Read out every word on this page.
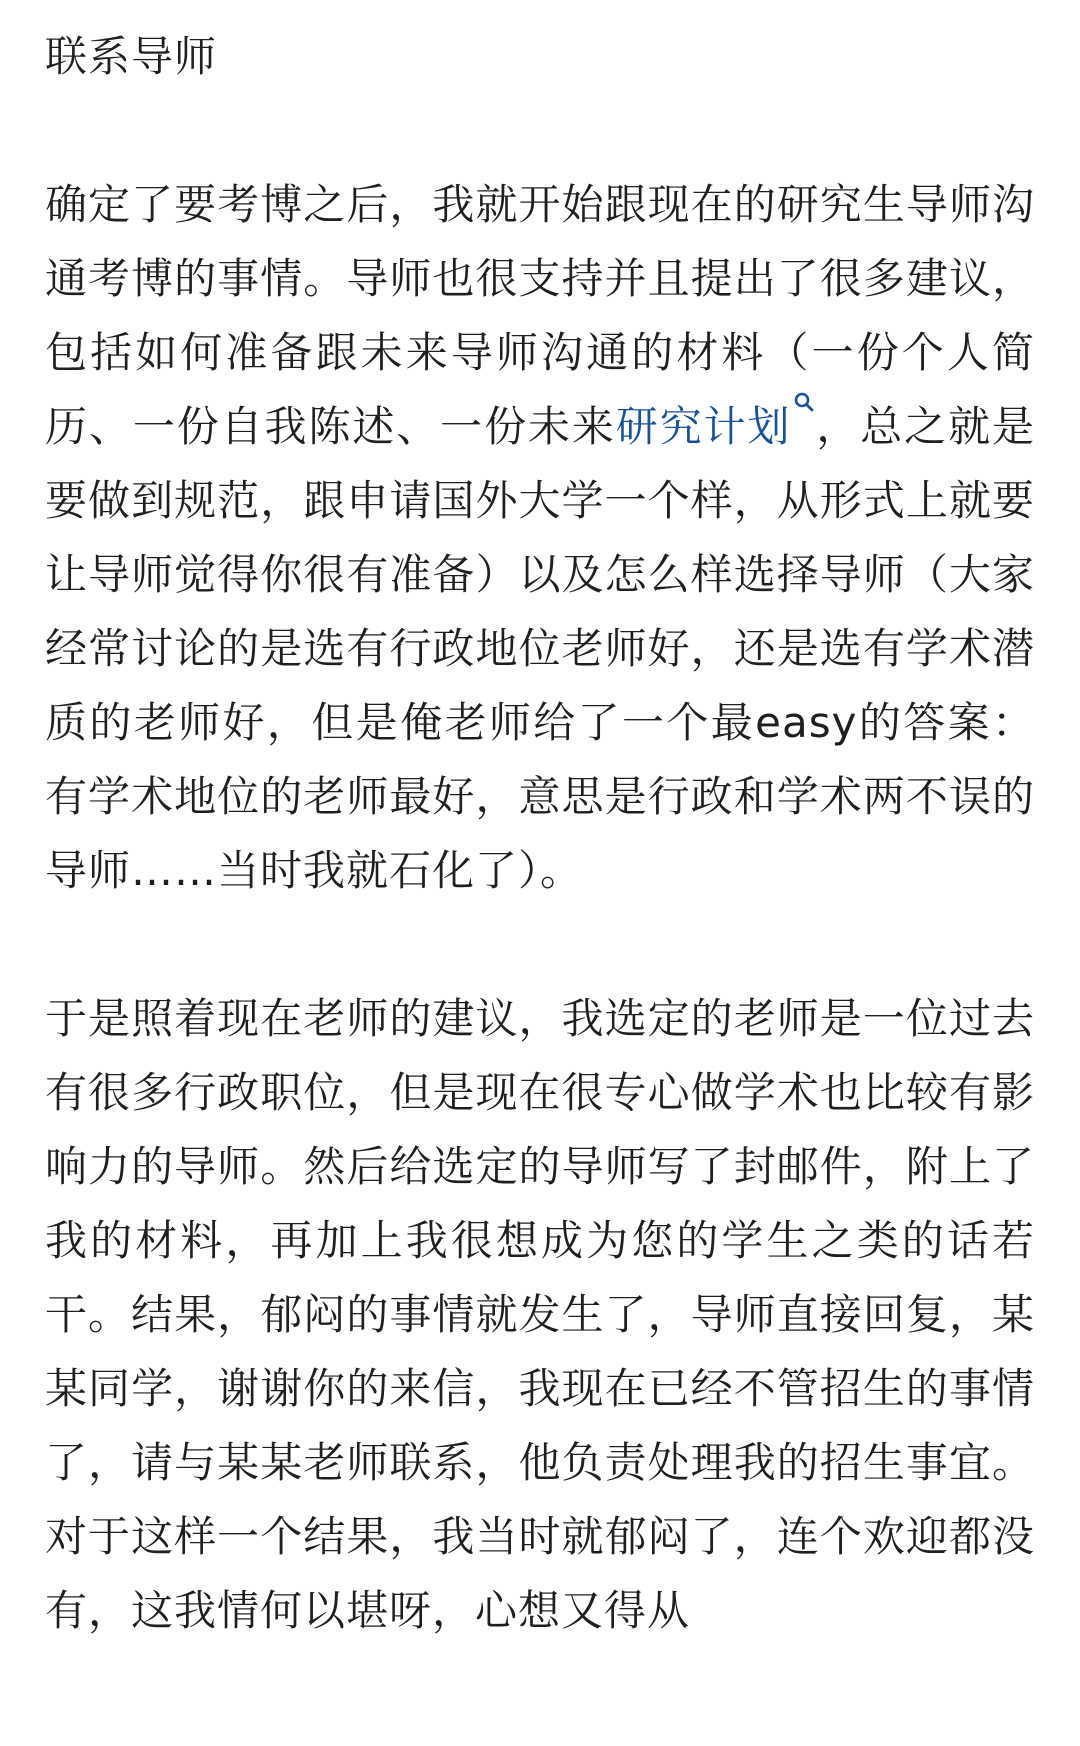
联系导师

确定了要考博之后，我就开始跟现在的研究生导师沟通考博的事情。导师也很支持并且提出了很多建议，包括如何准备跟未来导师沟通的材料（一份个人简历、一份自我陈述、一份未来研究计划 ，总之就是要做到规范，跟申请国外大学一个样，从形式上就要让导师觉得你很有准备）以及怎么样选择导师（大家经常讨论的是选有行政地位老师好，还是选有学术潜质的老师好，但是俺老师给了一个最easy的答案：有学术地位的老师最好，意思是行政和学术两不误的导师……当时我就石化了）。

于是照着现在老师的建议，我选定的老师是一位过去有很多行政职位，但是现在很专心做学术也比较有影响力的导师。然后给选定的导师写了封邮件，附上了我的材料，再加上我很想成为您的学生之类的话若干。结果，郁闷的事情就发生了，导师直接回复，某某同学，谢谢你的来信，我现在已经不管招生的事情了，请与某某老师联系，他负责处理我的招生事宜。对于这样一个结果，我当时就郁闷了，连个欢迎都没有，这我情何以堪呀，心想又得从
